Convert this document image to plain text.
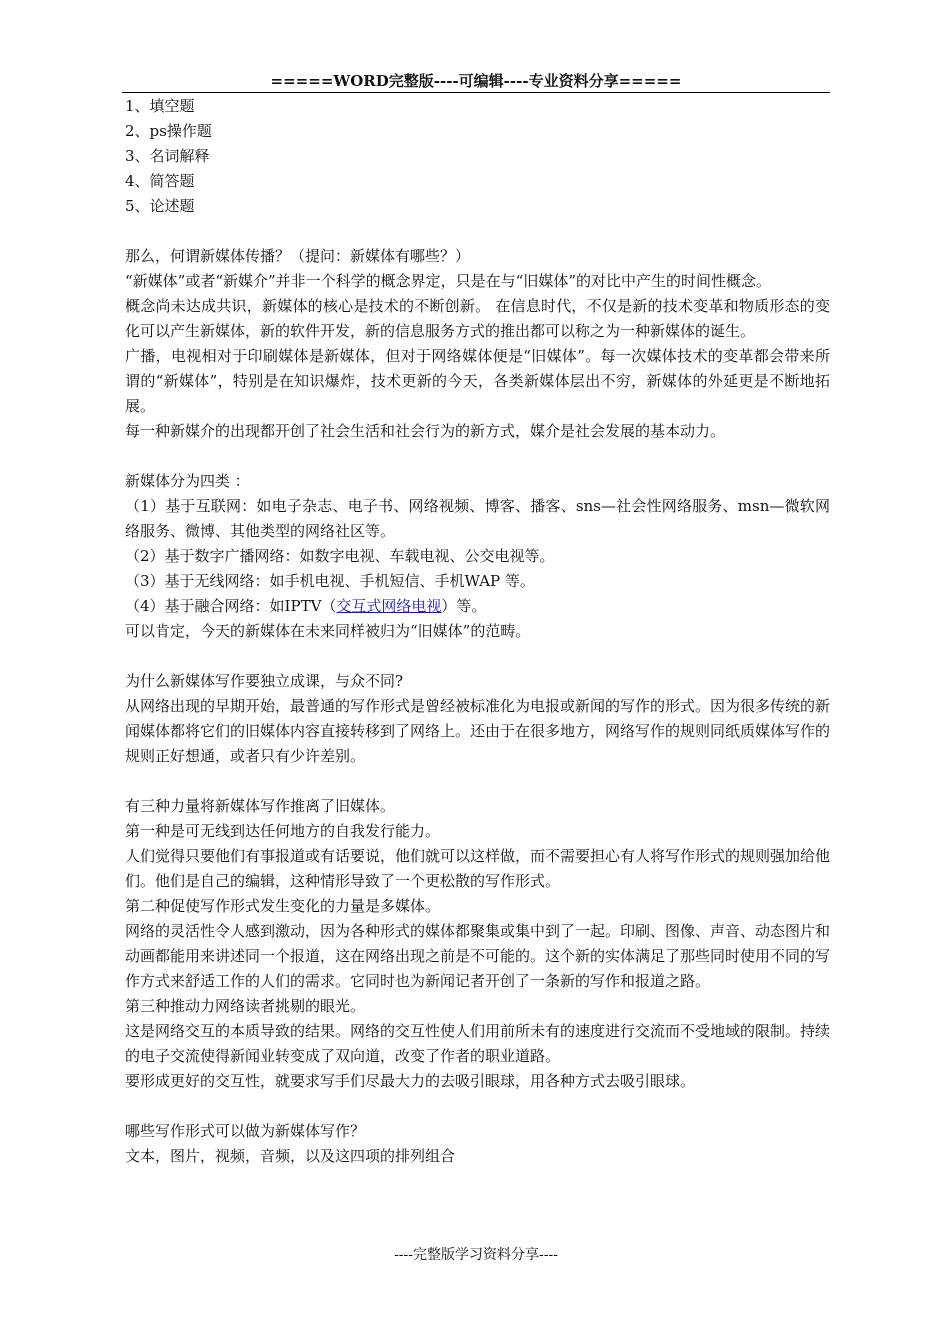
=====WORD完整版----可编辑----专业资料分享=====

1、填空题

2、ps操作题

3、名词解释

4、简答题

5、论述题

那么，何谓新媒体传播？（提问：新媒体有哪些？）

“新媒体”或者“新媒介”并非一个科学的概念界定，只是在与“旧媒体”的对比中产生的时间性概念。

概念尚未达成共识，新媒体的核心是技术的不断创新。 在信息时代，不仅是新的技术变革和物质形态的变化可以产生新媒体，新的软件开发，新的信息服务方式的推出都可以称之为一种新媒体的诞生。

广播，电视相对于印刷媒体是新媒体，但对于网络媒体便是“旧媒体”。每一次媒体技术的变革都会带来所谓的“新媒体”，特别是在知识爆炸，技术更新的今天，各类新媒体层出不穷，新媒体的外延更是不断地拓展。

每一种新媒介的出现都开创了社会生活和社会行为的新方式，媒介是社会发展的基本动力。

新媒体分为四类 ：

（1）基于互联网：如电子杂志、电子书、网络视频、博客、播客、sns—社会性网络服务、msn—微软网络服务、微博、其他类型的网络社区等。

（2）基于数字广播网络：如数字电视、车载电视、公交电视等。

（3）基于无线网络：如手机电视、手机短信、手机WAP 等。

（4）基于融合网络：如IPTV（交互式网络电视）等。

可以肯定，今天的新媒体在未来同样被归为“旧媒体”的范畴。

为什么新媒体写作要独立成课，与众不同?

从网络出现的早期开始，最普通的写作形式是曾经被标准化为电报或新闻的写作的形式。因为很多传统的新闻媒体都将它们的旧媒体内容直接转移到了网络上。还由于在很多地方，网络写作的规则同纸质媒体写作的规则正好想通，或者只有少许差别。

有三种力量将新媒体写作推离了旧媒体。

第一种是可无线到达任何地方的自我发行能力。

人们觉得只要他们有事报道或有话要说，他们就可以这样做，而不需要担心有人将写作形式的规则强加给他们。他们是自己的编辑，这种情形导致了一个更松散的写作形式。

第二种促使写作形式发生变化的力量是多媒体。

网络的灵活性令人感到激动，因为各种形式的媒体都聚集或集中到了一起。印刷、图像、声音、动态图片和动画都能用来讲述同一个报道，这在网络出现之前是不可能的。这个新的实体满足了那些同时使用不同的写作方式来舒适工作的人们的需求。它同时也为新闻记者开创了一条新的写作和报道之路。

第三种推动力网络读者挑剔的眼光。

这是网络交互的本质导致的结果。网络的交互性使人们用前所未有的速度进行交流而不受地域的限制。持续的电子交流使得新闻业转变成了双向道，改变了作者的职业道路。

要形成更好的交互性，就要求写手们尽最大力的去吸引眼球，用各种方式去吸引眼球。

哪些写作形式可以做为新媒体写作？

文本，图片，视频，音频，以及这四项的排列组合

----完整版学习资料分享----
